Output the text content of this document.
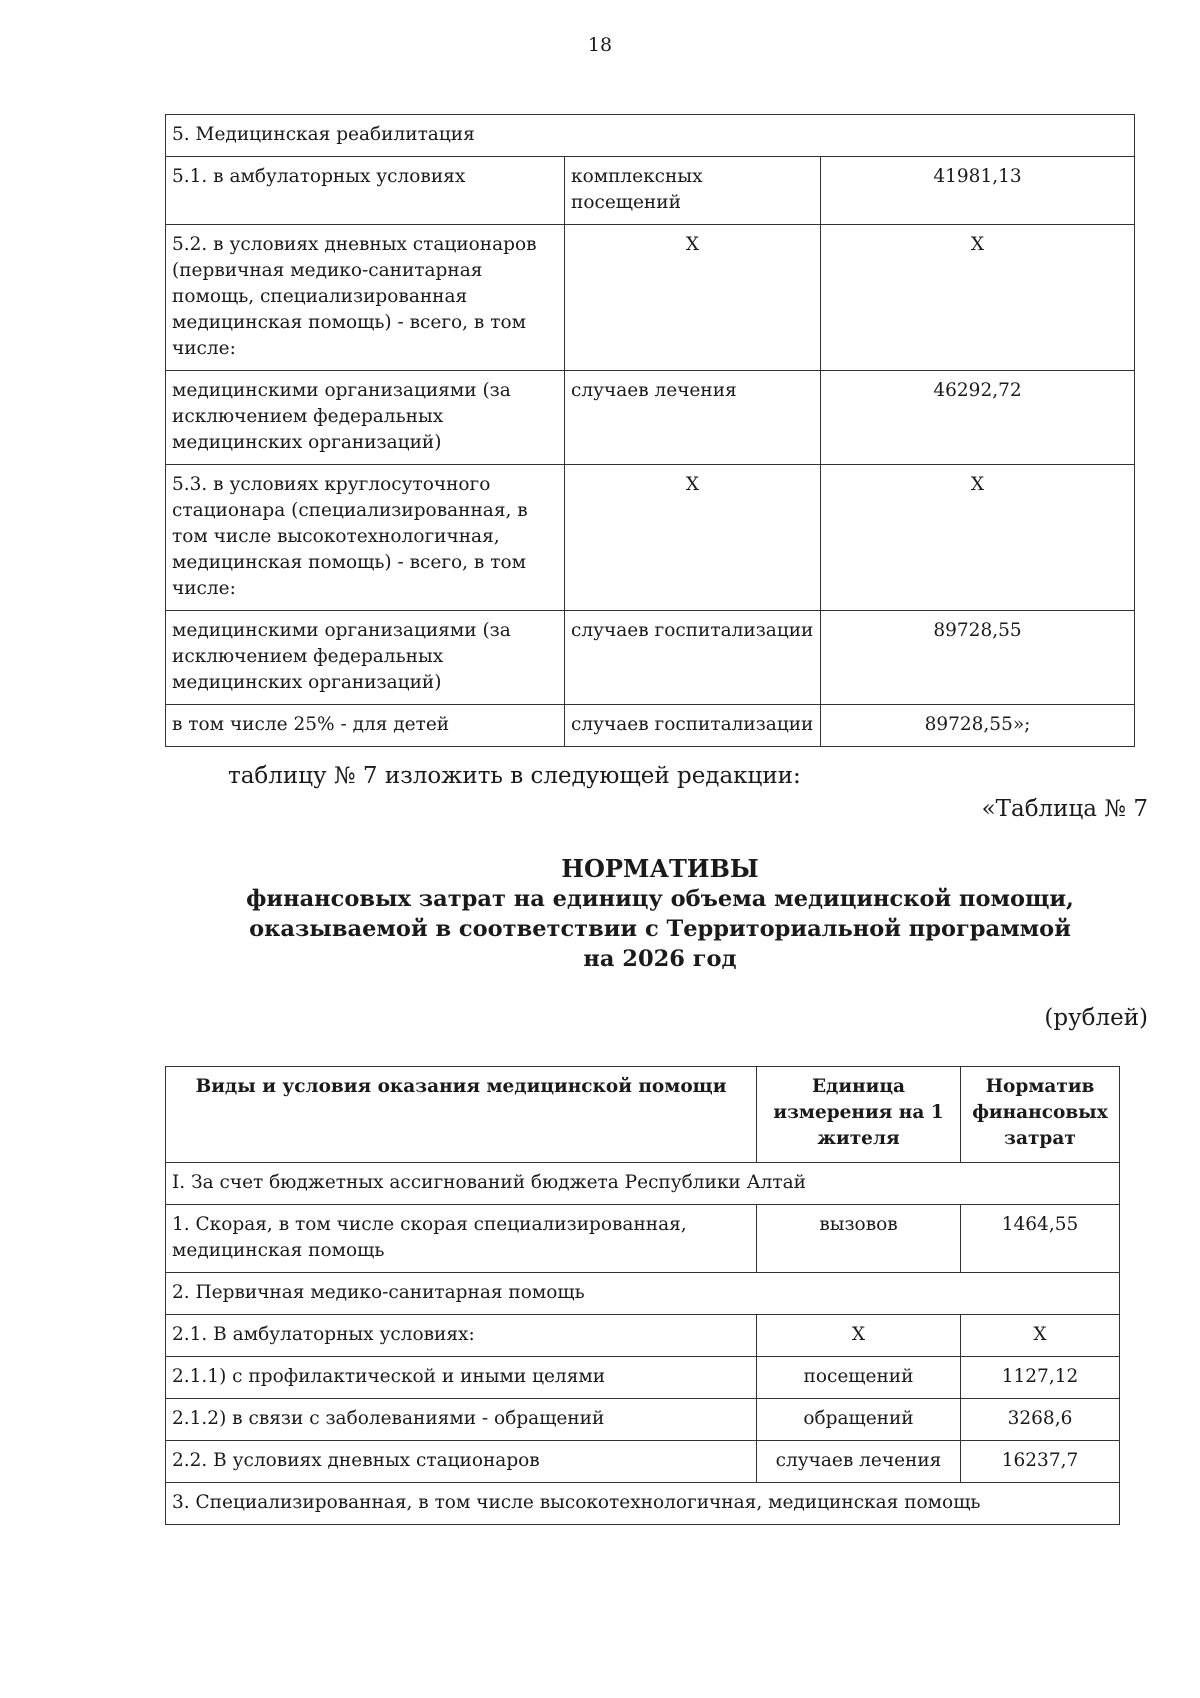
18
5. Медицинская реабилитация		
5.1. в амбулаторных условиях	комплексных посещений	41981,13
5.2. в условиях дневных стационаров (первичная медико-санитарная помощь, специализированная медицинская помощь) - всего, в том числе:	X	X
медицинскими организациями (за исключением федеральных медицинских организаций)	случаев лечения	46292,72
5.3. в условиях круглосуточного стационара (специализированная, в том числе высокотехнологичная, медицинская помощь) - всего, в том числе:	X	X
медицинскими организациями (за исключением федеральных медицинских организаций)	случаев госпитализации	89728,55
в том числе 25% - для детей	случаев госпитализации	89728,55»;
таблицу № 7 изложить в следующей редакции:
«Таблица № 7
НОРМАТИВЫ
финансовых затрат на единицу объема медицинской помощи,
оказываемой в соответствии с Территориальной программой
на 2026 год
(рублей)
Виды и условия оказания медицинской помощи	Единица измерения на 1 жителя	Норматив финансовых затрат
I. За счет бюджетных ассигнований бюджета Республики Алтай		
1. Скорая, в том числе скорая специализированная, медицинская помощь	вызовов	1464,55
2. Первичная медико-санитарная помощь		
2.1. В амбулаторных условиях:	X	X
2.1.1) с профилактической и иными целями	посещений	1127,12
2.1.2) в связи с заболеваниями - обращений	обращений	3268,6
2.2. В условиях дневных стационаров	случаев лечения	16237,7
3. Специализированная, в том числе высокотехнологичная, медицинская помощь		
